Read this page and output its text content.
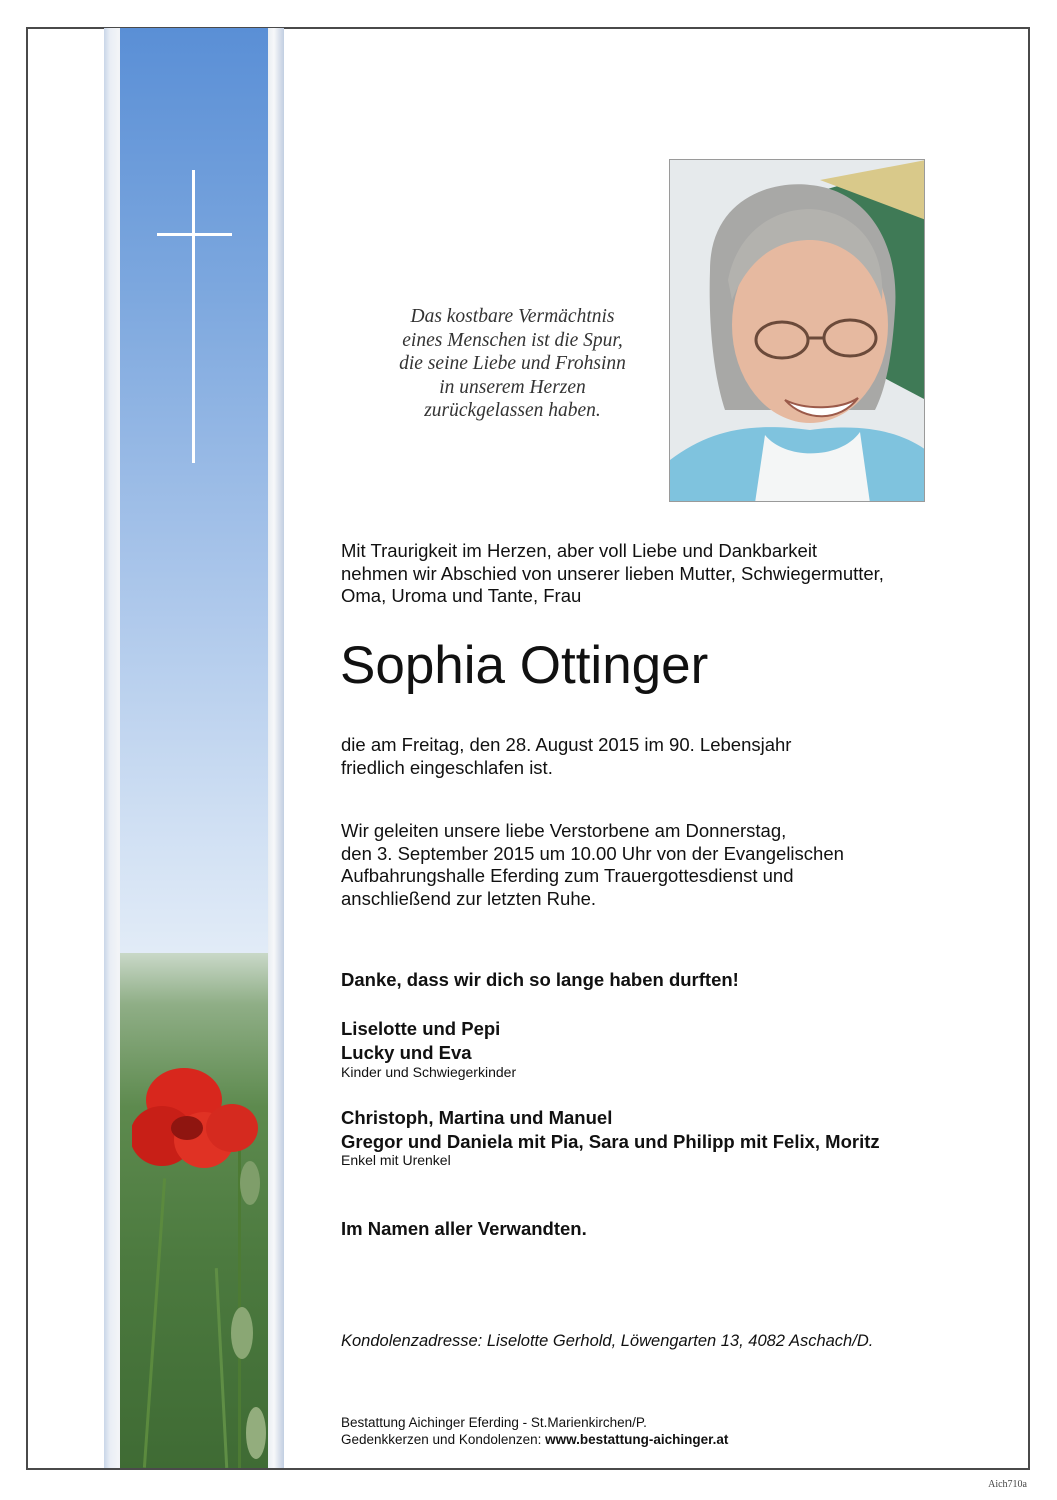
Das kostbare Vermächtnis
eines Menschen ist die Spur,
die seine Liebe und Frohsinn
in unserem Herzen
zurückgelassen haben.
Mit Traurigkeit im Herzen, aber voll Liebe und Dankbarkeit
nehmen wir Abschied von unserer lieben Mutter, Schwiegermutter,
Oma, Uroma und Tante, Frau
Sophia Ottinger
die am Freitag, den 28. August 2015 im 90. Lebensjahr
friedlich eingeschlafen ist.
Wir geleiten unsere liebe Verstorbene am Donnerstag,
den 3. September 2015 um 10.00 Uhr von der Evangelischen
Aufbahrungshalle Eferding zum Trauergottesdienst und
anschließend zur letzten Ruhe.
Danke, dass wir dich so lange haben durften!
Liselotte und Pepi
Lucky und Eva
Kinder und Schwiegerkinder
Christoph, Martina und Manuel
Gregor und Daniela mit Pia, Sara und Philipp mit Felix, Moritz
Enkel mit Urenkel
Im Namen aller Verwandten.
Kondolenzadresse: Liselotte Gerhold, Löwengarten 13, 4082 Aschach/D.
Bestattung Aichinger Eferding - St.Marienkirchen/P.
Gedenkkerzen und Kondolenzen: www.bestattung-aichinger.at
Aich710a
